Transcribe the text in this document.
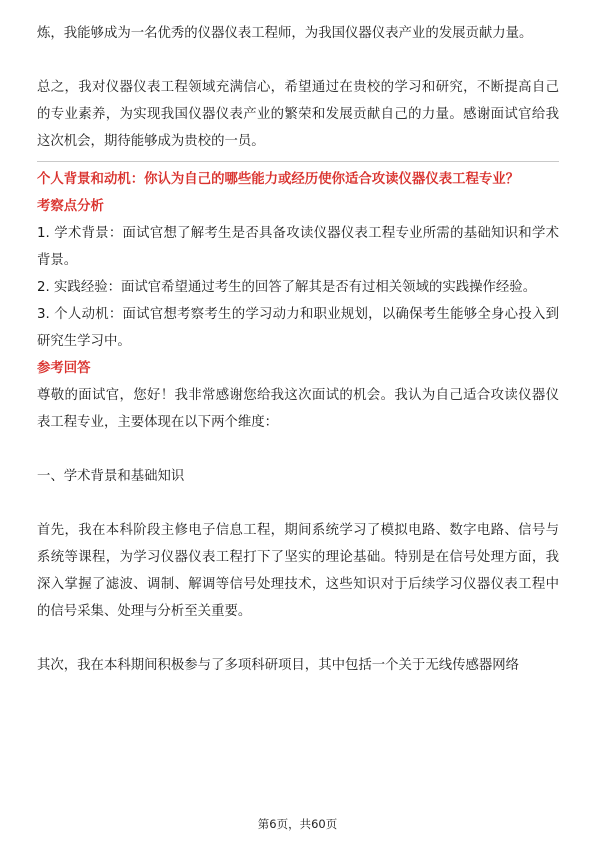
炼，我能够成为一名优秀的仪器仪表工程师，为我国仪器仪表产业的发展贡献力量。

总之，我对仪器仪表工程领域充满信心，希望通过在贵校的学习和研究，不断提高自己的专业素养，为实现我国仪器仪表产业的繁荣和发展贡献自己的力量。感谢面试官给我这次机会，期待能够成为贵校的一员。

个人背景和动机：你认为自己的哪些能力或经历使你适合攻读仪器仪表工程专业？

考察点分析

1. 学术背景：面试官想了解考生是否具备攻读仪器仪表工程专业所需的基础知识和学术背景。

2. 实践经验：面试官希望通过考生的回答了解其是否有过相关领域的实践操作经验。

3. 个人动机：面试官想考察考生的学习动力和职业规划，以确保考生能够全身心投入到研究生学习中。

参考回答

尊敬的面试官，您好！我非常感谢您给我这次面试的机会。我认为自己适合攻读仪器仪表工程专业，主要体现在以下两个维度：

一、学术背景和基础知识

首先，我在本科阶段主修电子信息工程，期间系统学习了模拟电路、数字电路、信号与系统等课程，为学习仪器仪表工程打下了坚实的理论基础。特别是在信号处理方面，我深入掌握了滤波、调制、解调等信号处理技术，这些知识对于后续学习仪器仪表工程中的信号采集、处理与分析至关重要。

其次，我在本科期间积极参与了多项科研项目，其中包括一个关于无线传感器网络

第6页，共60页
